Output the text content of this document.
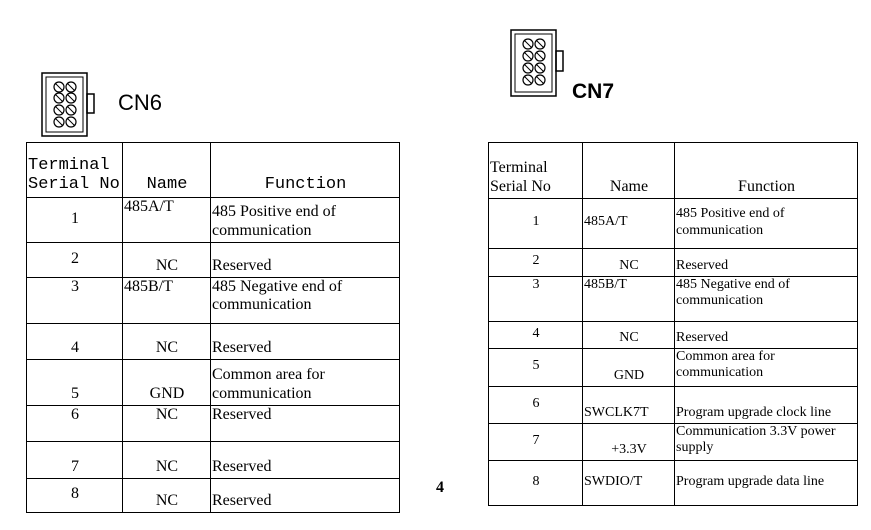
CN6	CN7
Terminal
Serial No	Name	Function
1	485A/T	485 Positive end of communication
2	NC	Reserved
3	485B/T	485 Negative end of communication
4	NC	Reserved
5	GND	Common area for communication
6	NC	Reserved
7	NC	Reserved
8	NC	Reserved
4
Terminal
Serial No	Name	Function
1	485A/T	485 Positive end of communication
2	NC	Reserved
3	485B/T	485 Negative end of communication
4	NC	Reserved
5	GND	Common area for communication
6	SWCLK7T	Program upgrade clock line
7	+3.3V	Communication 3.3V power supply
8	SWDIO/T	Program upgrade data line
